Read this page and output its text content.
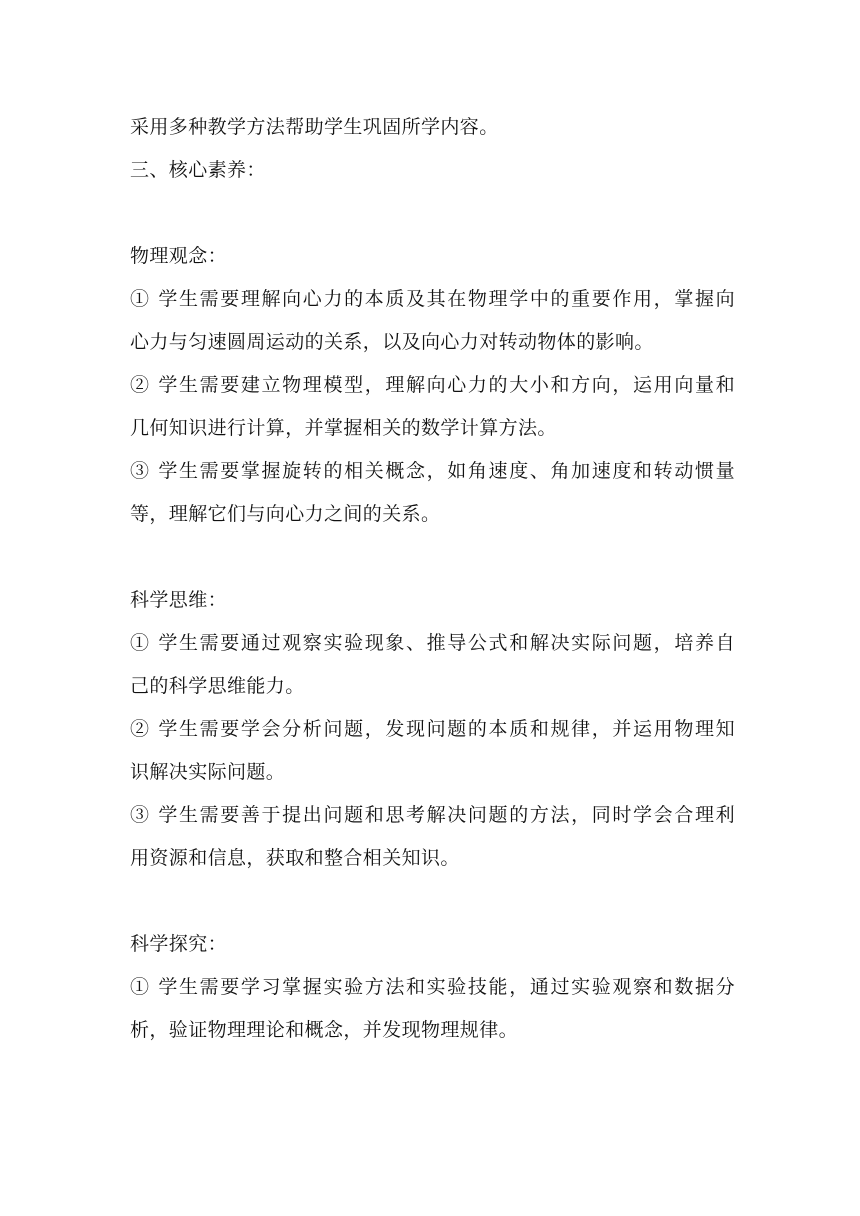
采用多种教学方法帮助学生巩固所学内容。
三、核心素养：
物理观念：
① 学生需要理解向心力的本质及其在物理学中的重要作用，掌握向
心力与匀速圆周运动的关系，以及向心力对转动物体的影响。
② 学生需要建立物理模型，理解向心力的大小和方向，运用向量和
几何知识进行计算，并掌握相关的数学计算方法。
③ 学生需要掌握旋转的相关概念，如角速度、角加速度和转动惯量
等，理解它们与向心力之间的关系。
科学思维：
① 学生需要通过观察实验现象、推导公式和解决实际问题，培养自
己的科学思维能力。
② 学生需要学会分析问题，发现问题的本质和规律，并运用物理知
识解决实际问题。
③ 学生需要善于提出问题和思考解决问题的方法，同时学会合理利
用资源和信息，获取和整合相关知识。
科学探究：
① 学生需要学习掌握实验方法和实验技能，通过实验观察和数据分
析，验证物理理论和概念，并发现物理规律。
